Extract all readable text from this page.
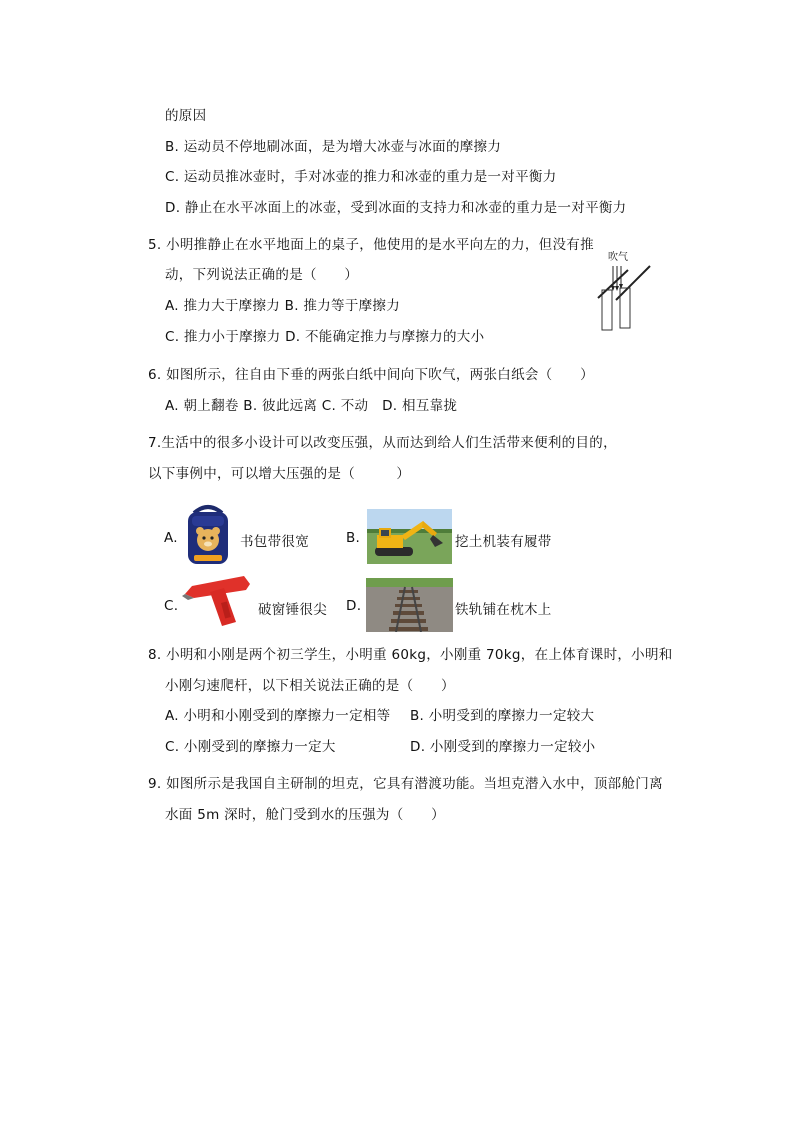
的原因
B. 运动员不停地刷冰面，是为增大冰壶与冰面的摩擦力
C. 运动员推冰壶时，手对冰壶的推力和冰壶的重力是一对平衡力
D. 静止在水平冰面上的冰壶，受到冰面的支持力和冰壶的重力是一对平衡力
5. 小明推静止在水平地面上的桌子，他使用的是水平向左的力，但没有推
动，下列说法正确的是（　　）
A. 推力大于摩擦力 B. 推力等于摩擦力
C. 推力小于摩擦力 D. 不能确定推力与摩擦力的大小
吹气
6. 如图所示，往自由下垂的两张白纸中间向下吹气，两张白纸会（　　）
A. 朝上翻卷 B. 彼此远离 C. 不动　D. 相互靠拢
7.生活中的很多小设计可以改变压强，从而达到给人们生活带来便利的目的，
以下事例中，可以增大压强的是（　　　）
A.	书包带很宽	B.	挖土机装有履带
C.	破窗锤很尖 D.	铁轨铺在枕木上
8. 小明和小刚是两个初三学生，小明重 60kg，小刚重 70kg，在上体育课时，小明和
小刚匀速爬杆，以下相关说法正确的是（　　）
A. 小明和小刚受到的摩擦力一定相等 B. 小明受到的摩擦力一定较大
C. 小刚受到的摩擦力一定大	D. 小刚受到的摩擦力一定较小
9. 如图所示是我国自主研制的坦克，它具有潜渡功能。当坦克潜入水中，顶部舱门离
水面 5m 深时，舱门受到水的压强为（　　）
